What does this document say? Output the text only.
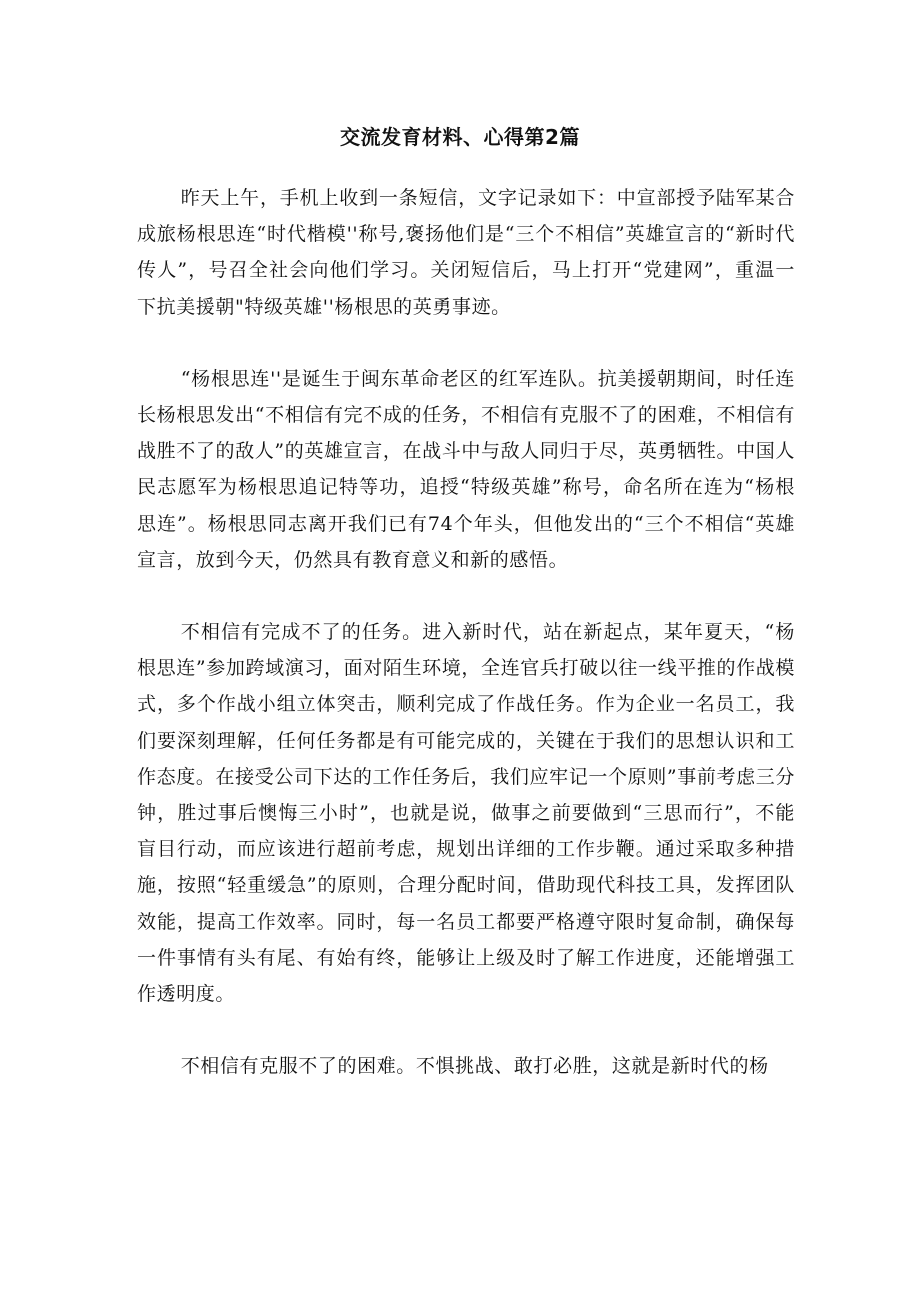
交流发育材料、心得第2篇

昨天上午，手机上收到一条短信，文字记录如下：中宣部授予陆军某合成旅杨根思连“时代楷模''称号,褒扬他们是“三个不相信”英雄宣言的“新时代传人”，号召全社会向他们学习。关闭短信后，马上打开“党建网”，重温一下抗美援朝"特级英雄''杨根思的英勇事迹。

“杨根思连''是诞生于闽东革命老区的红军连队。抗美援朝期间，时任连长杨根思发出“不相信有完不成的任务，不相信有克服不了的困难，不相信有战胜不了的敌人”的英雄宣言，在战斗中与敌人同归于尽，英勇牺牲。中国人民志愿军为杨根思追记特等功，追授“特级英雄”称号，命名所在连为“杨根思连”。杨根思同志离开我们已有74个年头，但他发出的“三个不相信“英雄宣言，放到今天，仍然具有教育意义和新的感悟。

不相信有完成不了的任务。进入新时代，站在新起点，某年夏天，“杨根思连”参加跨域演习，面对陌生环境，全连官兵打破以往一线平推的作战模式，多个作战小组立体突击，顺利完成了作战任务。作为企业一名员工，我们要深刻理解，任何任务都是有可能完成的，关键在于我们的思想认识和工作态度。在接受公司下达的工作任务后，我们应牢记一个原则”事前考虑三分钟，胜过事后懊悔三小时”，也就是说，做事之前要做到“三思而行”，不能盲目行动，而应该进行超前考虑，规划出详细的工作步鞭。通过采取多种措施，按照“轻重缓急”的原则，合理分配时间，借助现代科技工具，发挥团队效能，提高工作效率。同时，每一名员工都要严格遵守限时复命制，确保每一件事情有头有尾、有始有终，能够让上级及时了解工作进度，还能增强工作透明度。

不相信有克服不了的困难。不惧挑战、敢打必胜，这就是新时代的杨
